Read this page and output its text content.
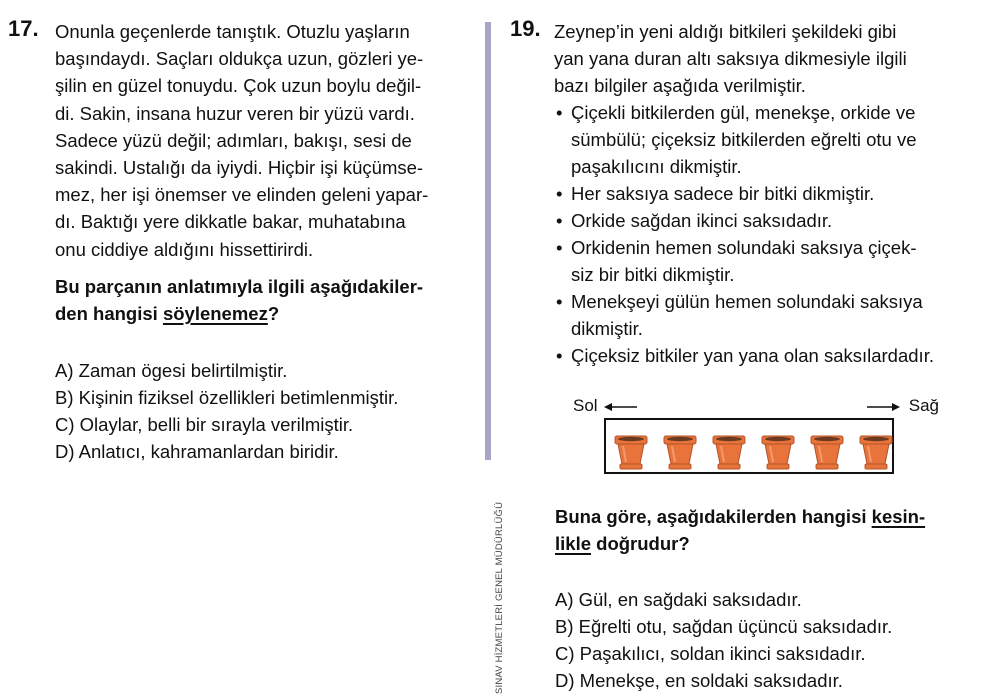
17. Onunla geçenlerde tanıştık. Otuzlu yaşların
başındaydı. Saçları oldukça uzun, gözleri ye-
şilin en güzel tonuydu. Çok uzun boylu değil-
di. Sakin, insana huzur veren bir yüzü vardı.
Sadece yüzü değil; adımları, bakışı, sesi de
sakindi. Ustalığı da iyiydi. Hiçbir işi küçümse-
mez, her işi önemser ve elinden geleni yapar-
dı. Baktığı yere dikkatle bakar, muhatabına
onu ciddiye aldığını hissettirirdi.
Bu parçanın anlatımıyla ilgili aşağıdakiler-
den hangisi söylenemez?
A) Zaman ögesi belirtilmiştir.
B) Kişinin fiziksel özellikleri betimlenmiştir.
C) Olaylar, belli bir sırayla verilmiştir.
D) Anlatıcı, kahramanlardan biridir.
SINAV HİZMETLERİ GENEL MÜDÜRLÜĞÜ
19. Zeynep’in yeni aldığı bitkileri şekildeki gibi
yan yana duran altı saksıya dikmesiyle ilgili
bazı bilgiler aşağıda verilmiştir.
• Çiçekli bitkilerden gül, menekşe, orkide ve
sümbülü; çiçeksiz bitkilerden eğrelti otu ve
paşakılıcını dikmiştir.
• Her saksıya sadece bir bitki dikmiştir.
• Orkide sağdan ikinci saksıdadır.
• Orkidenin hemen solundaki saksıya çiçek-
siz bir bitki dikmiştir.
• Menekşeyi gülün hemen solundaki saksıya
dikmiştir.
• Çiçeksiz bitkiler yan yana olan saksılardadır.
Sol	Sağ
Buna göre, aşağıdakilerden hangisi kesin-
likle doğrudur?
A) Gül, en sağdaki saksıdadır.
B) Eğrelti otu, sağdan üçüncü saksıdadır.
C) Paşakılıcı, soldan ikinci saksıdadır.
D) Menekşe, en soldaki saksıdadır.
